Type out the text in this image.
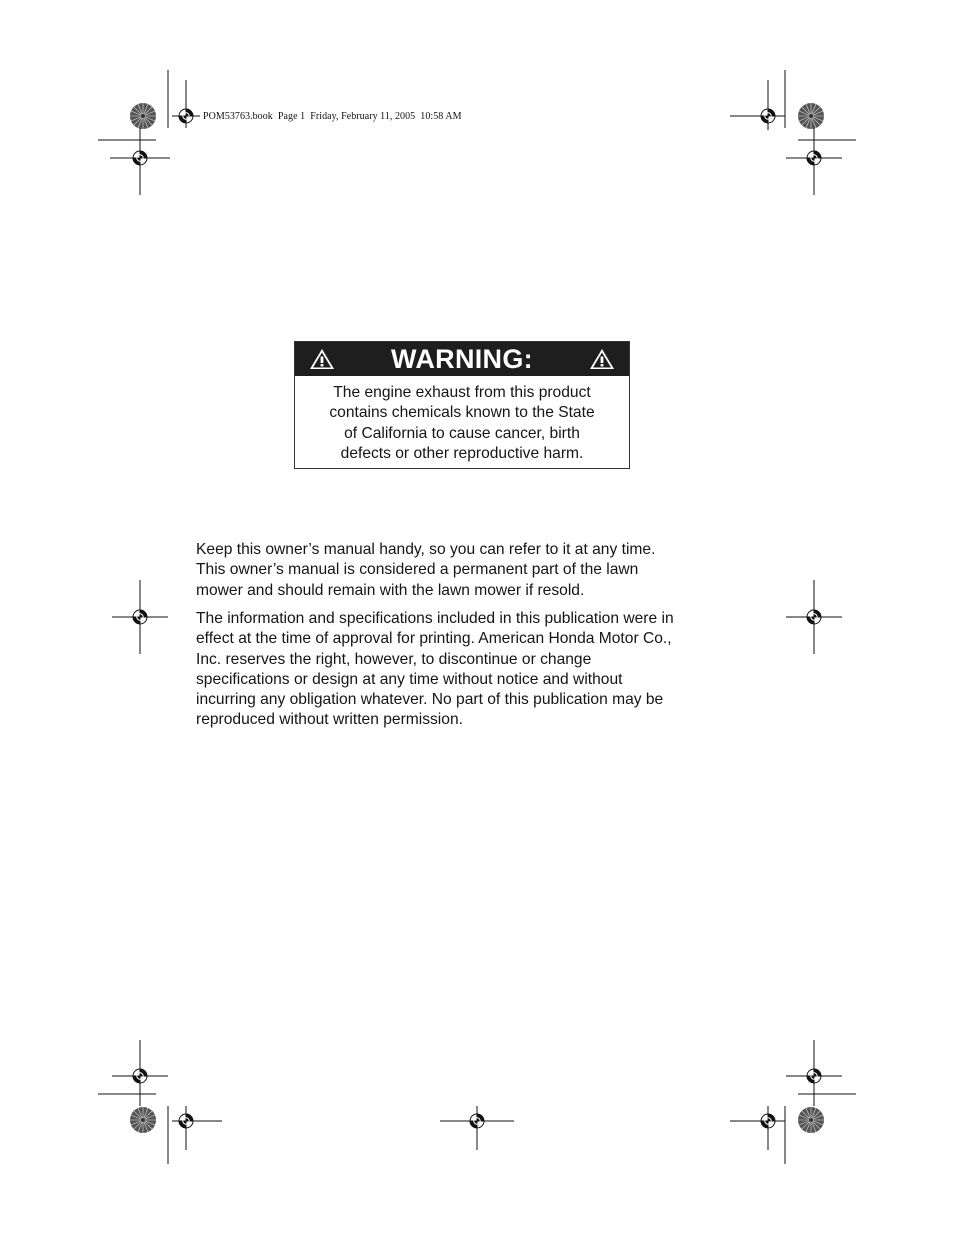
POM53763.book  Page 1  Friday, February 11, 2005  10:58 AM
WARNING:
The engine exhaust from this product
contains chemicals known to the State
of California to cause cancer, birth
defects or other reproductive harm.
Keep this owner’s manual handy, so you can refer to it at any time.
This owner’s manual is considered a permanent part of the lawn
mower and should remain with the lawn mower if resold.
The information and specifications included in this publication were in
effect at the time of approval for printing. American Honda Motor Co.,
Inc. reserves the right, however, to discontinue or change
specifications or design at any time without notice and without
incurring any obligation whatever. No part of this publication may be
reproduced without written permission.
